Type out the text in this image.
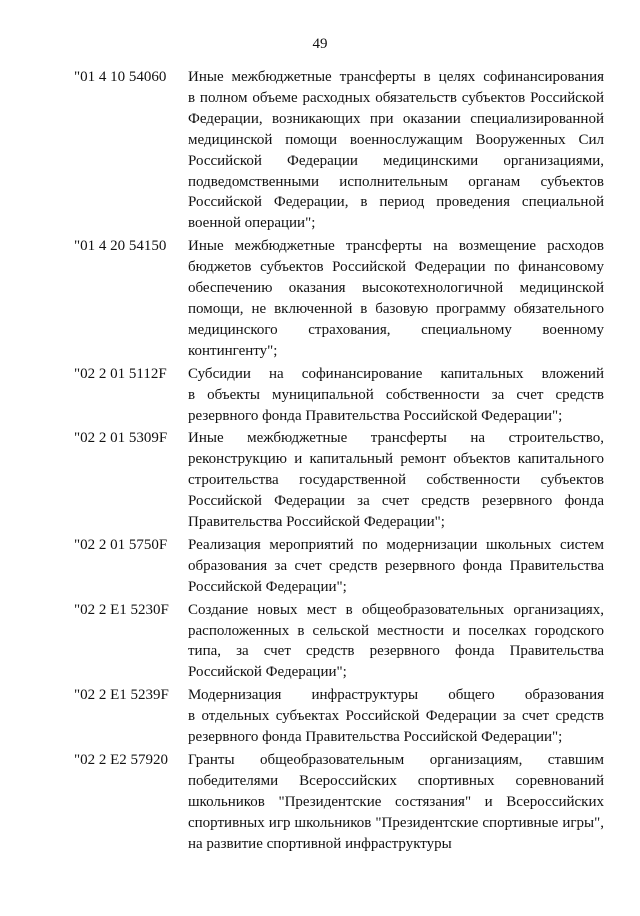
49
"01 4 10 54060	Иные межбюджетные трансферты в целях софинансирования
в полном объеме расходных обязательств субъектов Российской
Федерации, возникающих при оказании специализированной
медицинской помощи военнослужащим Вооруженных Сил
Российской Федерации медицинскими организациями,
подведомственными исполнительным органам субъектов
Российской Федерации, в период проведения специальной
военной операции";
"01 4 20 54150	Иные межбюджетные трансферты на возмещение расходов
бюджетов субъектов Российской Федерации по финансовому
обеспечению оказания высокотехнологичной медицинской
помощи, не включенной в базовую программу обязательного
медицинского страхования, специальному военному
контингенту";
"02 2 01 5112F	Субсидии на софинансирование капитальных вложений
в объекты муниципальной собственности за счет средств
резервного фонда Правительства Российской Федерации";
"02 2 01 5309F	Иные межбюджетные трансферты на строительство,
реконструкцию и капитальный ремонт объектов капитального
строительства государственной собственности субъектов
Российской Федерации за счет средств резервного фонда
Правительства Российской Федерации";
"02 2 01 5750F	Реализация мероприятий по модернизации школьных систем
образования за счет средств резервного фонда Правительства
Российской Федерации";
"02 2 E1 5230F	Создание новых мест в общеобразовательных организациях,
расположенных в сельской местности и поселках городского
типа, за счет средств резервного фонда Правительства
Российской Федерации";
"02 2 E1 5239F	Модернизация инфраструктуры общего образования
в отдельных субъектах Российской Федерации за счет средств
резервного фонда Правительства Российской Федерации";
"02 2 E2 57920	Гранты общеобразовательным организациям, ставшим
победителями Всероссийских спортивных соревнований
школьников "Президентские состязания" и Всероссийских
спортивных игр школьников "Президентские спортивные игры",
на развитие спортивной инфраструктуры
